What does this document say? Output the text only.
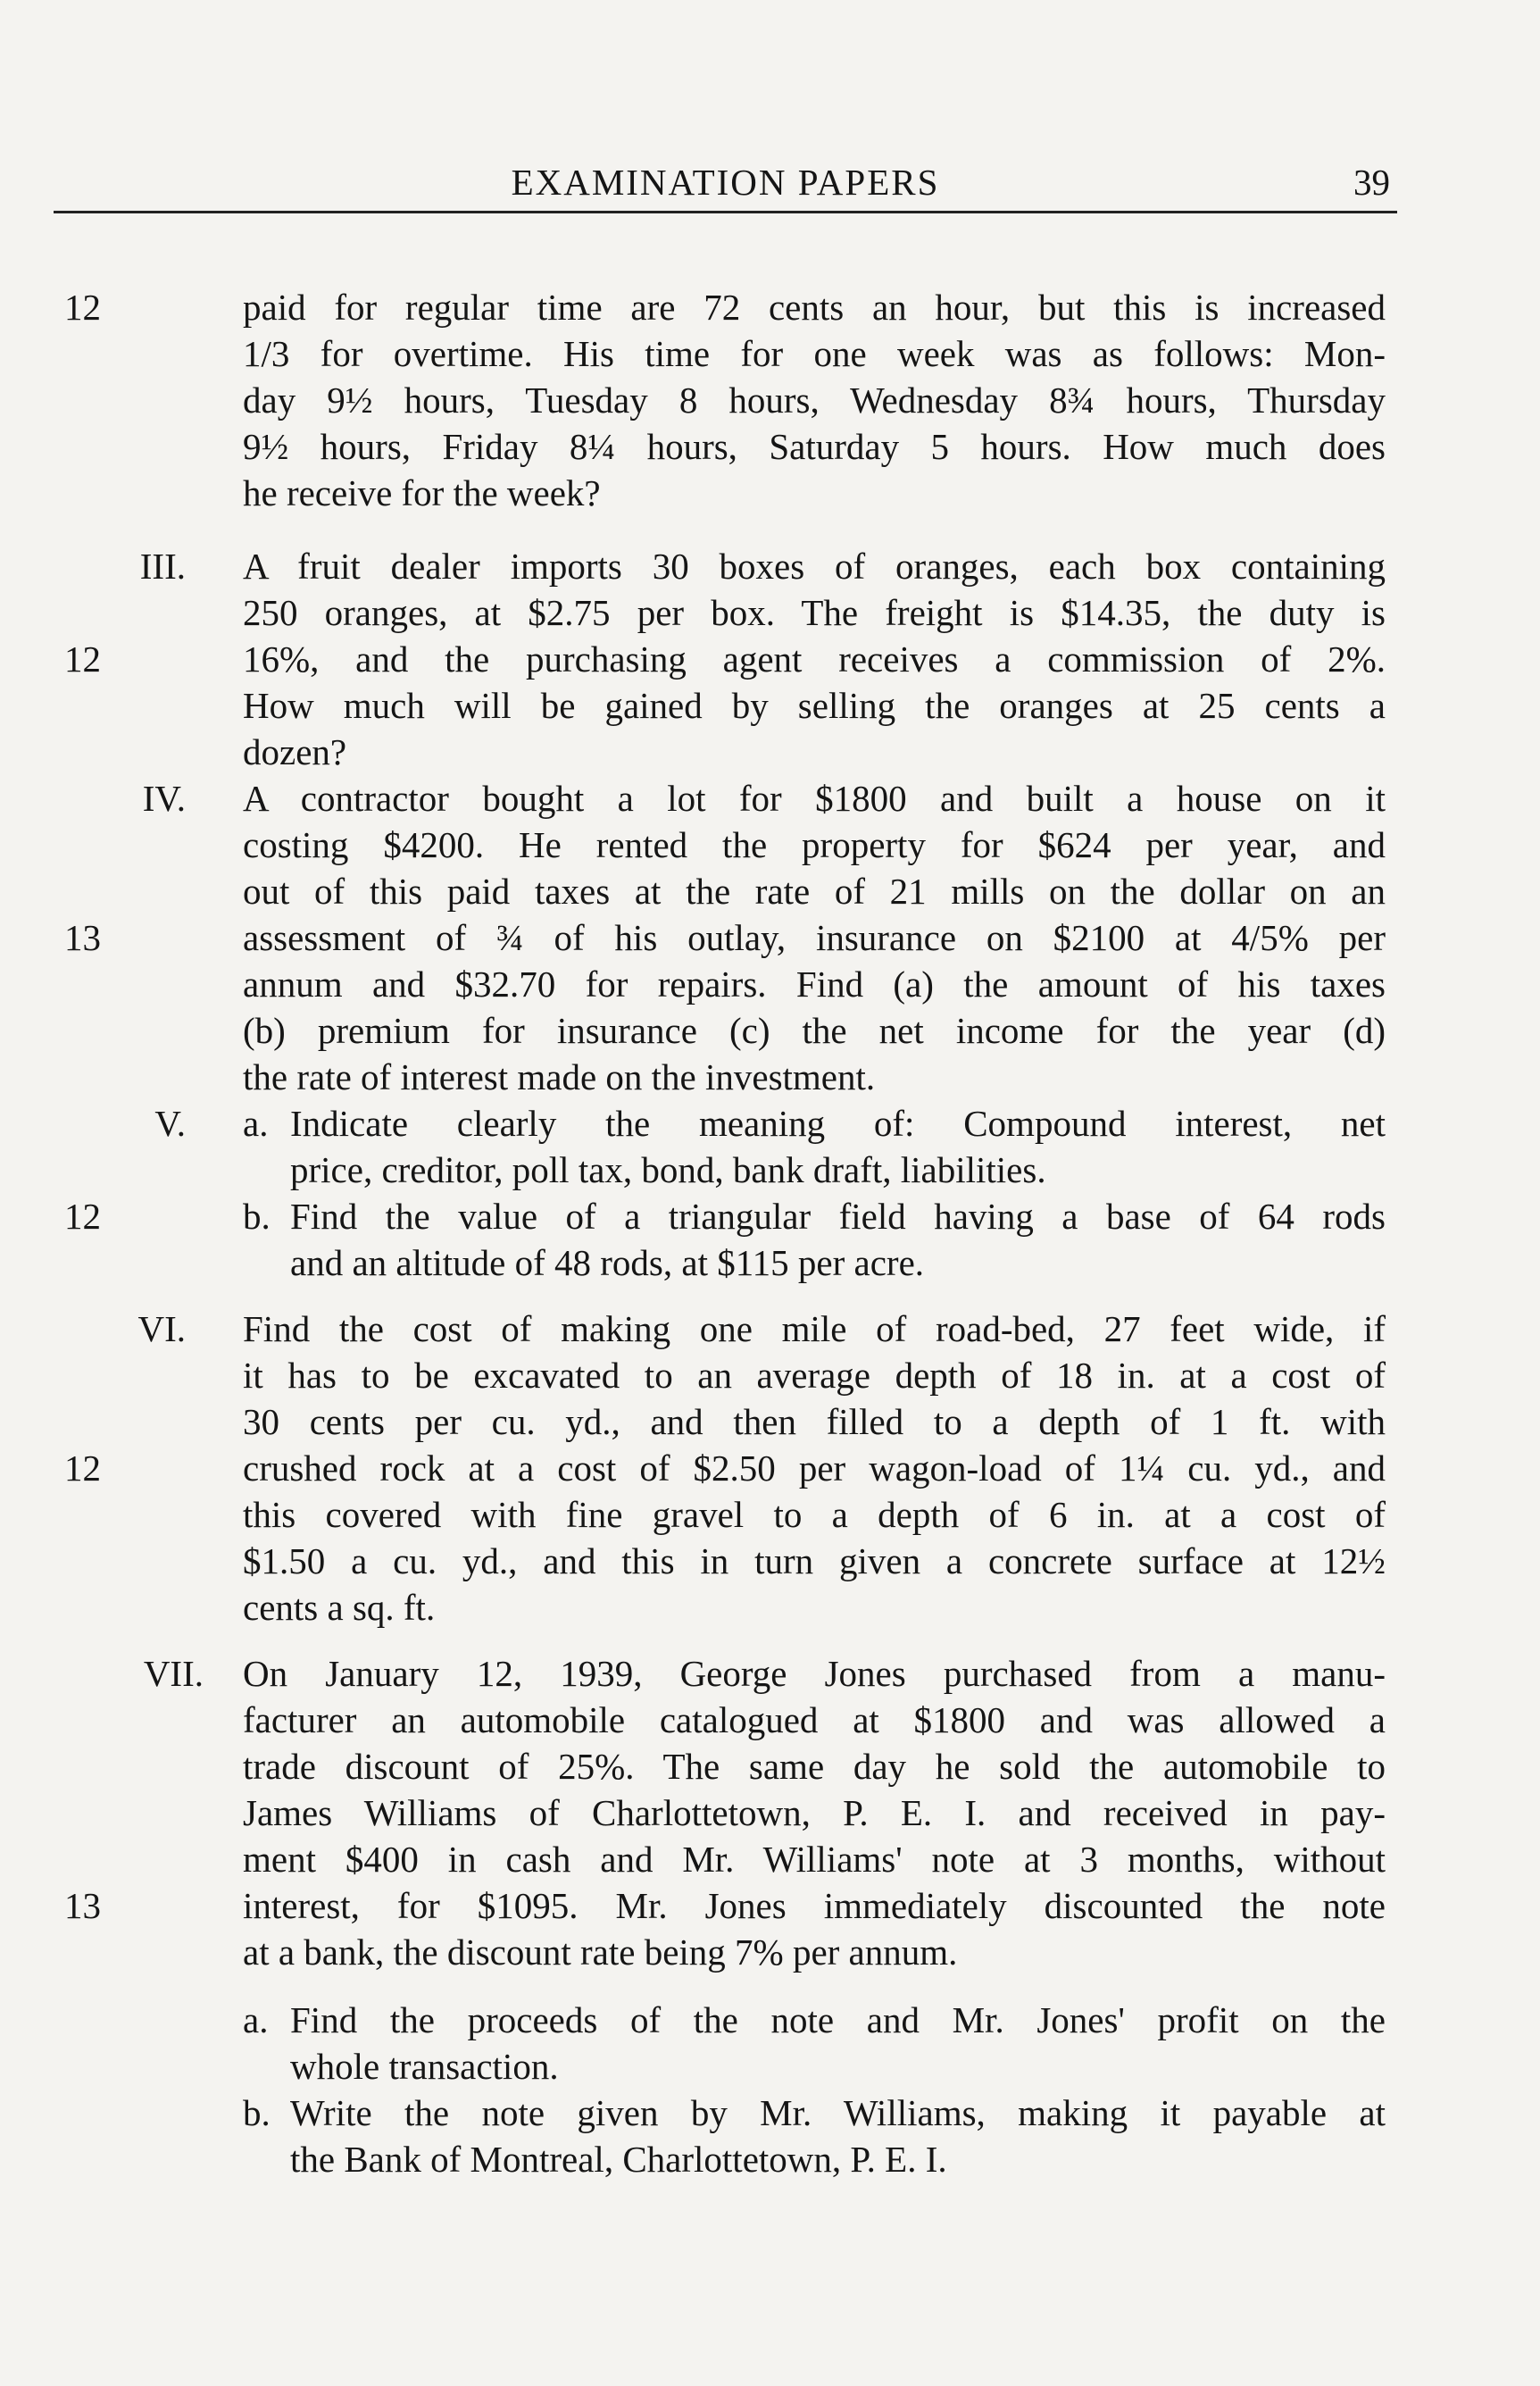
EXAMINATION PAPERS	39
12	paid for regular time are 72 cents an hour, but this is increased
1/3 for overtime. His time for one week was as follows: Mon-
day 9½ hours, Tuesday 8 hours, Wednesday 8¾ hours, Thursday
9½ hours, Friday 8¼ hours, Saturday 5 hours. How much does
he receive for the week?
III.
12
A fruit dealer imports 30 boxes of oranges, each box containing
250 oranges, at $2.75 per box. The freight is $14.35, the duty is
16%, and the purchasing agent receives a commission of 2%.
How much will be gained by selling the oranges at 25 cents a
dozen?
IV.
13
A contractor bought a lot for $1800 and built a house on it
costing $4200. He rented the property for $624 per year, and
out of this paid taxes at the rate of 21 mills on the dollar on an
assessment of ¾ of his outlay, insurance on $2100 at 4/5% per
annum and $32.70 for repairs. Find (a) the amount of his taxes
(b) premium for insurance (c) the net income for the year (d)
the rate of interest made on the investment.
V.
12
a. Indicate clearly the meaning of: Compound interest, net
price, creditor, poll tax, bond, bank draft, liabilities.
b. Find the value of a triangular field having a base of 64 rods
and an altitude of 48 rods, at $115 per acre.
VI.
12
Find the cost of making one mile of road-bed, 27 feet wide, if
it has to be excavated to an average depth of 18 in. at a cost of
30 cents per cu. yd., and then filled to a depth of 1 ft. with
crushed rock at a cost of $2.50 per wagon-load of 1¼ cu. yd., and
this covered with fine gravel to a depth of 6 in. at a cost of
$1.50 a cu. yd., and this in turn given a concrete surface at 12½
cents a sq. ft.
VII.
13
On January 12, 1939, George Jones purchased from a manu-
facturer an automobile catalogued at $1800 and was allowed a
trade discount of 25%. The same day he sold the automobile to
James Williams of Charlottetown, P. E. I. and received in pay-
ment $400 in cash and Mr. Williams' note at 3 months, without
interest, for $1095. Mr. Jones immediately discounted the note
at a bank, the discount rate being 7% per annum.
a. Find the proceeds of the note and Mr. Jones' profit on the
whole transaction.
b. Write the note given by Mr. Williams, making it payable at
the Bank of Montreal, Charlottetown, P. E. I.
